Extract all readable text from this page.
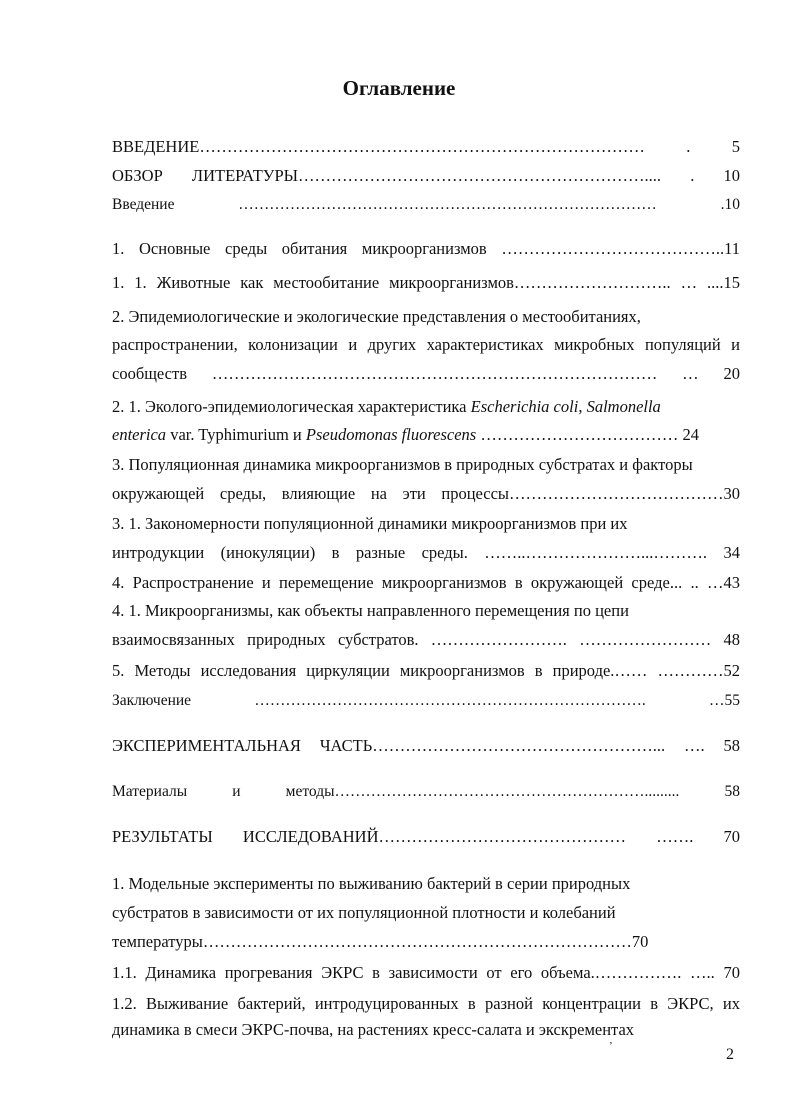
Оглавление
ВВЕДЕНИЕ……………………………………………………………………… . 5
ОБЗОР ЛИТЕРАТУРЫ……………………………………………………….... . 10
Введение ……………………………………………………………………… .10
1. Основные среды обитания микроорганизмов …………………………………..11
1. 1. Животные как местообитание микроорганизмов……………………….. … ....15
2. Эпидемиологические и экологические представления о местообитаниях,
распространении, колонизации и других характеристиках микробных популяций и
сообществ ……………………………………………………………………… … 20
2. 1. Эколого-эпидемиологическая характеристика Escherichia coli, Salmonella
enterica var. Typhimurium и Pseudomonas fluorescens ……………………………… 24
3. Популяционная динамика микроорганизмов в природных субстратах и факторы
окружающей среды, влияющие на эти процессы…………………………………30
3. 1. Закономерности популяционной динамики микроорганизмов при их
интродукции (инокуляции) в разные среды. ……..…………………...………. 34
4. Распространение и перемещение микроорганизмов в окружающей среде... .. …43
4. 1. Микроорганизмы, как объекты направленного перемещения по цепи
взаимосвязанных природных субстратов. ……………………. …………………… 48
5. Методы исследования циркуляции микроорганизмов в природе.…… …………52
Заключение …………………………………………………………………. …55
ЭКСПЕРИМЕНТАЛЬНАЯ ЧАСТЬ……………………………………………... …. 58
Материалы и методы……………………………………………………......... 58
РЕЗУЛЬТАТЫ ИССЛЕДОВАНИЙ……………………………………… ……. 70
1. Модельные эксперименты по выживанию бактерий в серии природных
субстратов в зависимости от их популяционной плотности и колебаний
температуры……………………………………………………………………70
1.1. Динамика прогревания ЭКРС в зависимости от его объема.……………. ….. 70
1.2. Выживание бактерий, интродуцированных в разной концентрации в ЭКРС, их
динамика в смеси ЭКРС-почва, на растениях кресс-салата и экскрементах
ʼ	2
